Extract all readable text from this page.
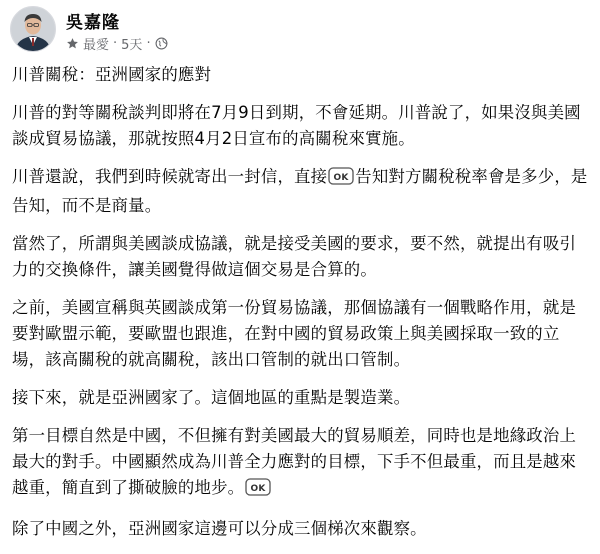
吳嘉隆
最愛 · 5天 ·

川普關稅：亞洲國家的應對

川普的對等關稅談判即將在7月9日到期，不會延期。川普說了，如果沒與美國談成貿易協議，那就按照4月2日宣布的高關稅來實施。

川普還說，我們到時候就寄出一封信，直接 OK 告知對方關稅稅率會是多少，是告知，而不是商量。

當然了，所謂與美國談成協議，就是接受美國的要求，要不然，就提出有吸引力的交換條件，讓美國覺得做這個交易是合算的。

之前，美國宣稱與英國談成第一份貿易協議，那個協議有一個戰略作用，就是要對歐盟示範，要歐盟也跟進，在對中國的貿易政策上與美國採取一致的立場，該高關稅的就高關稅，該出口管制的就出口管制。

接下來，就是亞洲國家了。這個地區的重點是製造業。

第一目標自然是中國，不但擁有對美國最大的貿易順差，同時也是地緣政治上最大的對手。中國顯然成為川普全力應對的目標，下手不但最重，而且是越來越重，簡直到了撕破臉的地步。 OK

除了中國之外，亞洲國家這邊可以分成三個梯次來觀察。
